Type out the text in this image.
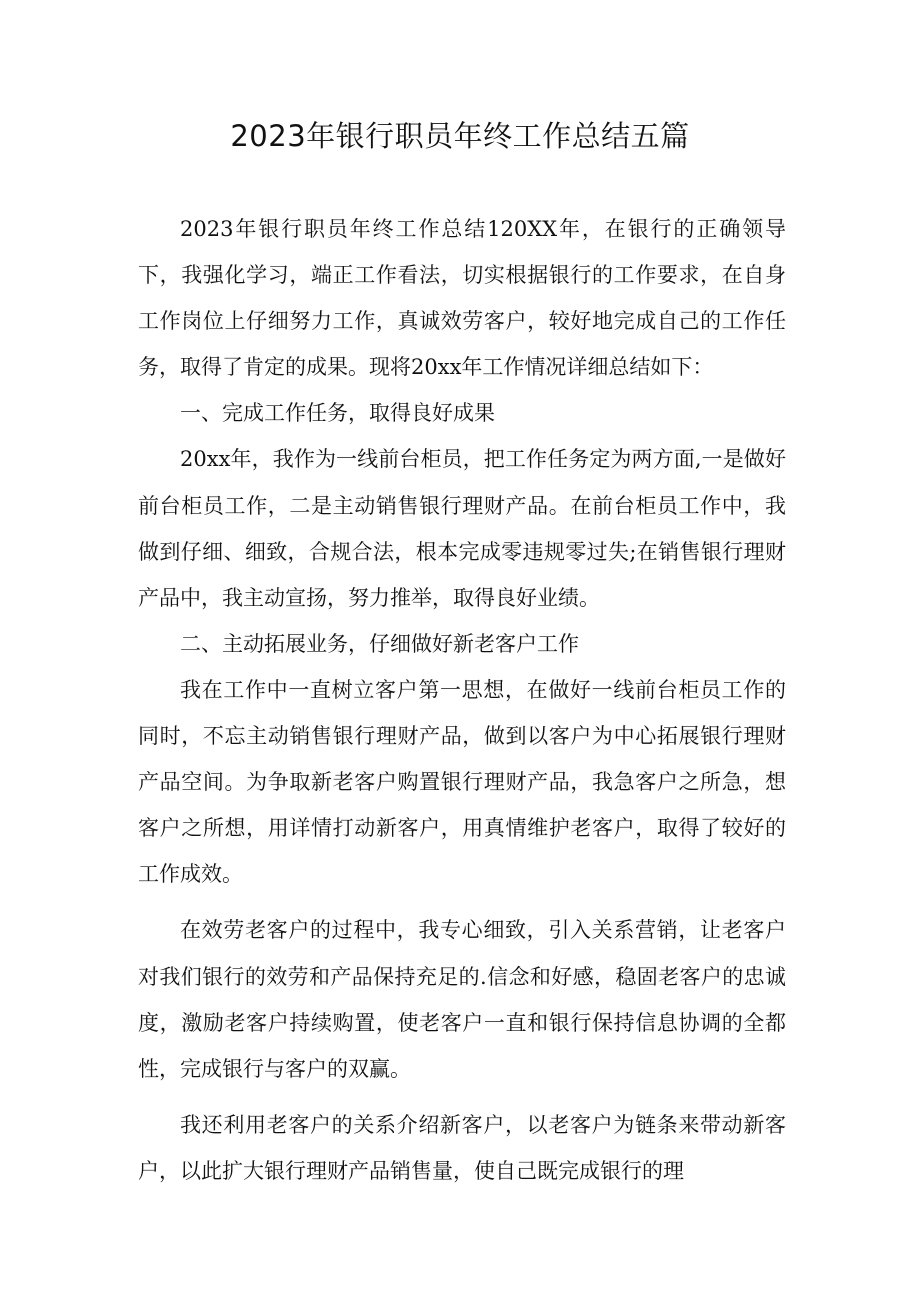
2023年银行职员年终工作总结五篇

2023年银行职员年终工作总结120XX年，在银行的正确领导下，我强化学习，端正工作看法，切实根据银行的工作要求，在自身工作岗位上仔细努力工作，真诚效劳客户，较好地完成自己的工作任务，取得了肯定的成果。现将20xx年工作情况详细总结如下：

一、完成工作任务，取得良好成果

20xx年，我作为一线前台柜员，把工作任务定为两方面,一是做好前台柜员工作，二是主动销售银行理财产品。在前台柜员工作中，我做到仔细、细致，合规合法，根本完成零违规零过失;在销售银行理财产品中，我主动宣扬，努力推举，取得良好业绩。

二、主动拓展业务，仔细做好新老客户工作

我在工作中一直树立客户第一思想，在做好一线前台柜员工作的同时，不忘主动销售银行理财产品，做到以客户为中心拓展银行理财产品空间。为争取新老客户购置银行理财产品，我急客户之所急，想客户之所想，用详情打动新客户，用真情维护老客户，取得了较好的工作成效。

在效劳老客户的过程中，我专心细致，引入关系营销，让老客户对我们银行的效劳和产品保持充足的.信念和好感，稳固老客户的忠诚度，激励老客户持续购置，使老客户一直和银行保持信息协调的全都性，完成银行与客户的双赢。

我还利用老客户的关系介绍新客户，以老客户为链条来带动新客户，以此扩大银行理财产品销售量，使自己既完成银行的理
